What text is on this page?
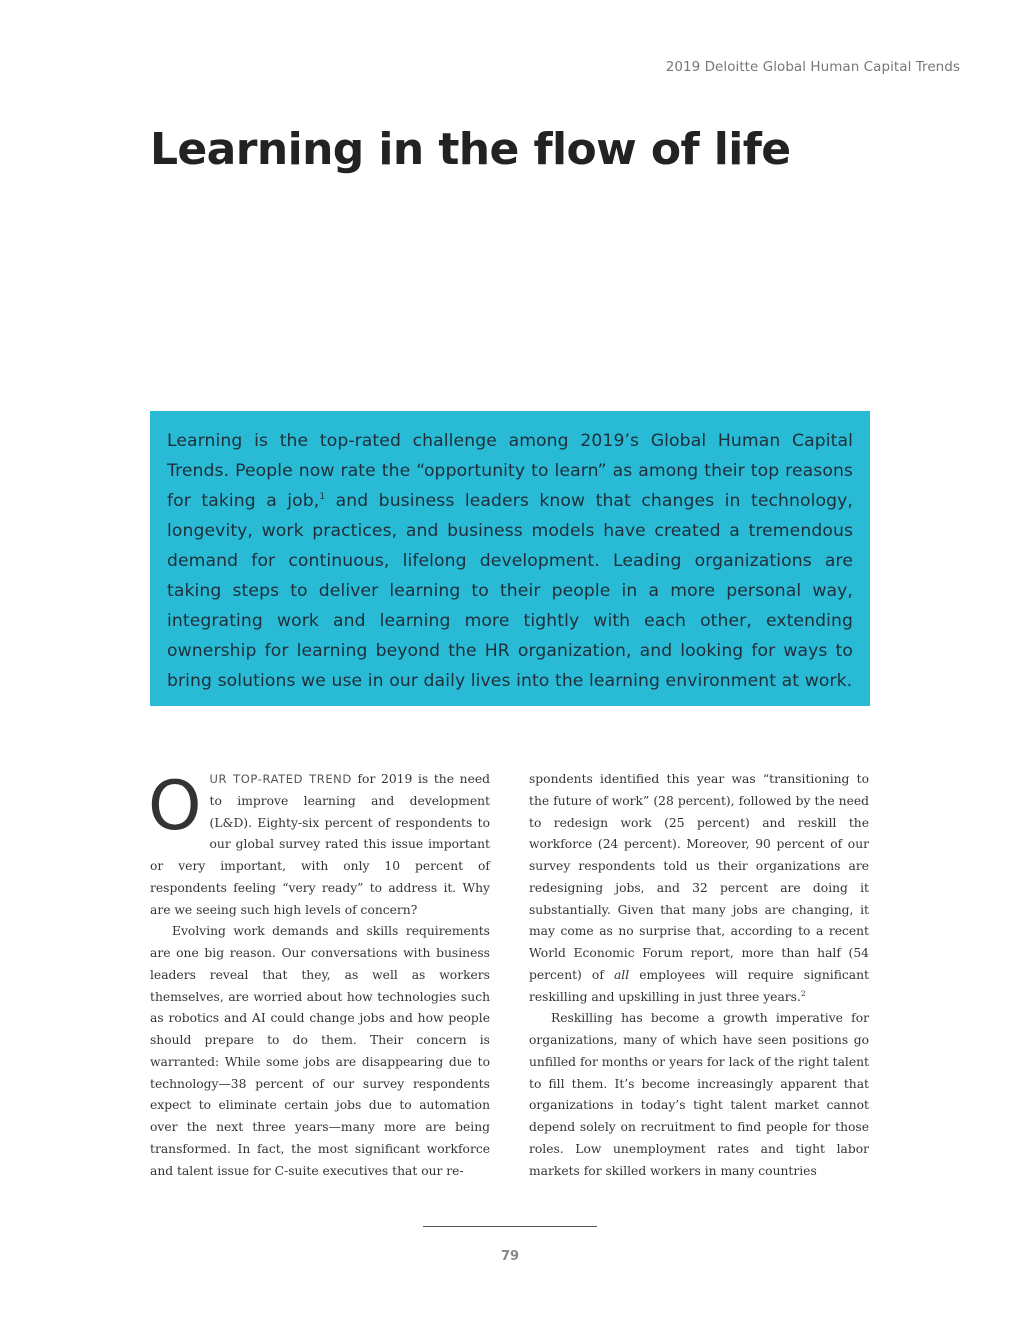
2019 Deloitte Global Human Capital Trends
Learning in the flow of life

Learning is the top-rated challenge among 2019’s Global Human Capital Trends. People now rate the “opportunity to learn” as among their top reasons for taking a job,$^1$ and business leaders know that changes in technology, longevity, work practices, and business models have created a tremendous demand for continuous, lifelong development. Leading organizations are taking steps to deliver learning to their people in a more personal way, integrating work and learning more tightly with each other, extending ownership for learning beyond the HR organization, and looking for ways to bring solutions we use in our daily lives into the learning environment at work.

OUR TOP-RATED TREND for 2019 is the need to improve learning and development (L&D). Eighty-six percent of respondents to our global survey rated this issue important or very important, with only 10 percent of respondents feeling “very ready” to address it. Why are we seeing such high levels of concern?

Evolving work demands and skills requirements are one big reason. Our conversations with business leaders reveal that they, as well as workers themselves, are worried about how technologies such as robotics and AI could change jobs and how people should prepare to do them. Their concern is warranted: While some jobs are disappearing due to technology—38 percent of our survey respondents expect to eliminate certain jobs due to automation over the next three years—many more are being transformed. In fact, the most significant workforce and talent issue for C-suite executives that our re-

spondents identified this year was “transitioning to the future of work” (28 percent), followed by the need to redesign work (25 percent) and reskill the workforce (24 percent). Moreover, 90 percent of our survey respondents told us their organizations are redesigning jobs, and 32 percent are doing it substantially. Given that many jobs are changing, it may come as no surprise that, according to a recent World Economic Forum report, more than half (54 percent) of all employees will require significant reskilling and upskilling in just three years.$^2$

Reskilling has become a growth imperative for organizations, many of which have seen positions go unfilled for months or years for lack of the right talent to fill them. It’s become increasingly apparent that organizations in today’s tight talent market cannot depend solely on recruitment to find people for those roles. Low unemployment rates and tight labor markets for skilled workers in many countries

79
